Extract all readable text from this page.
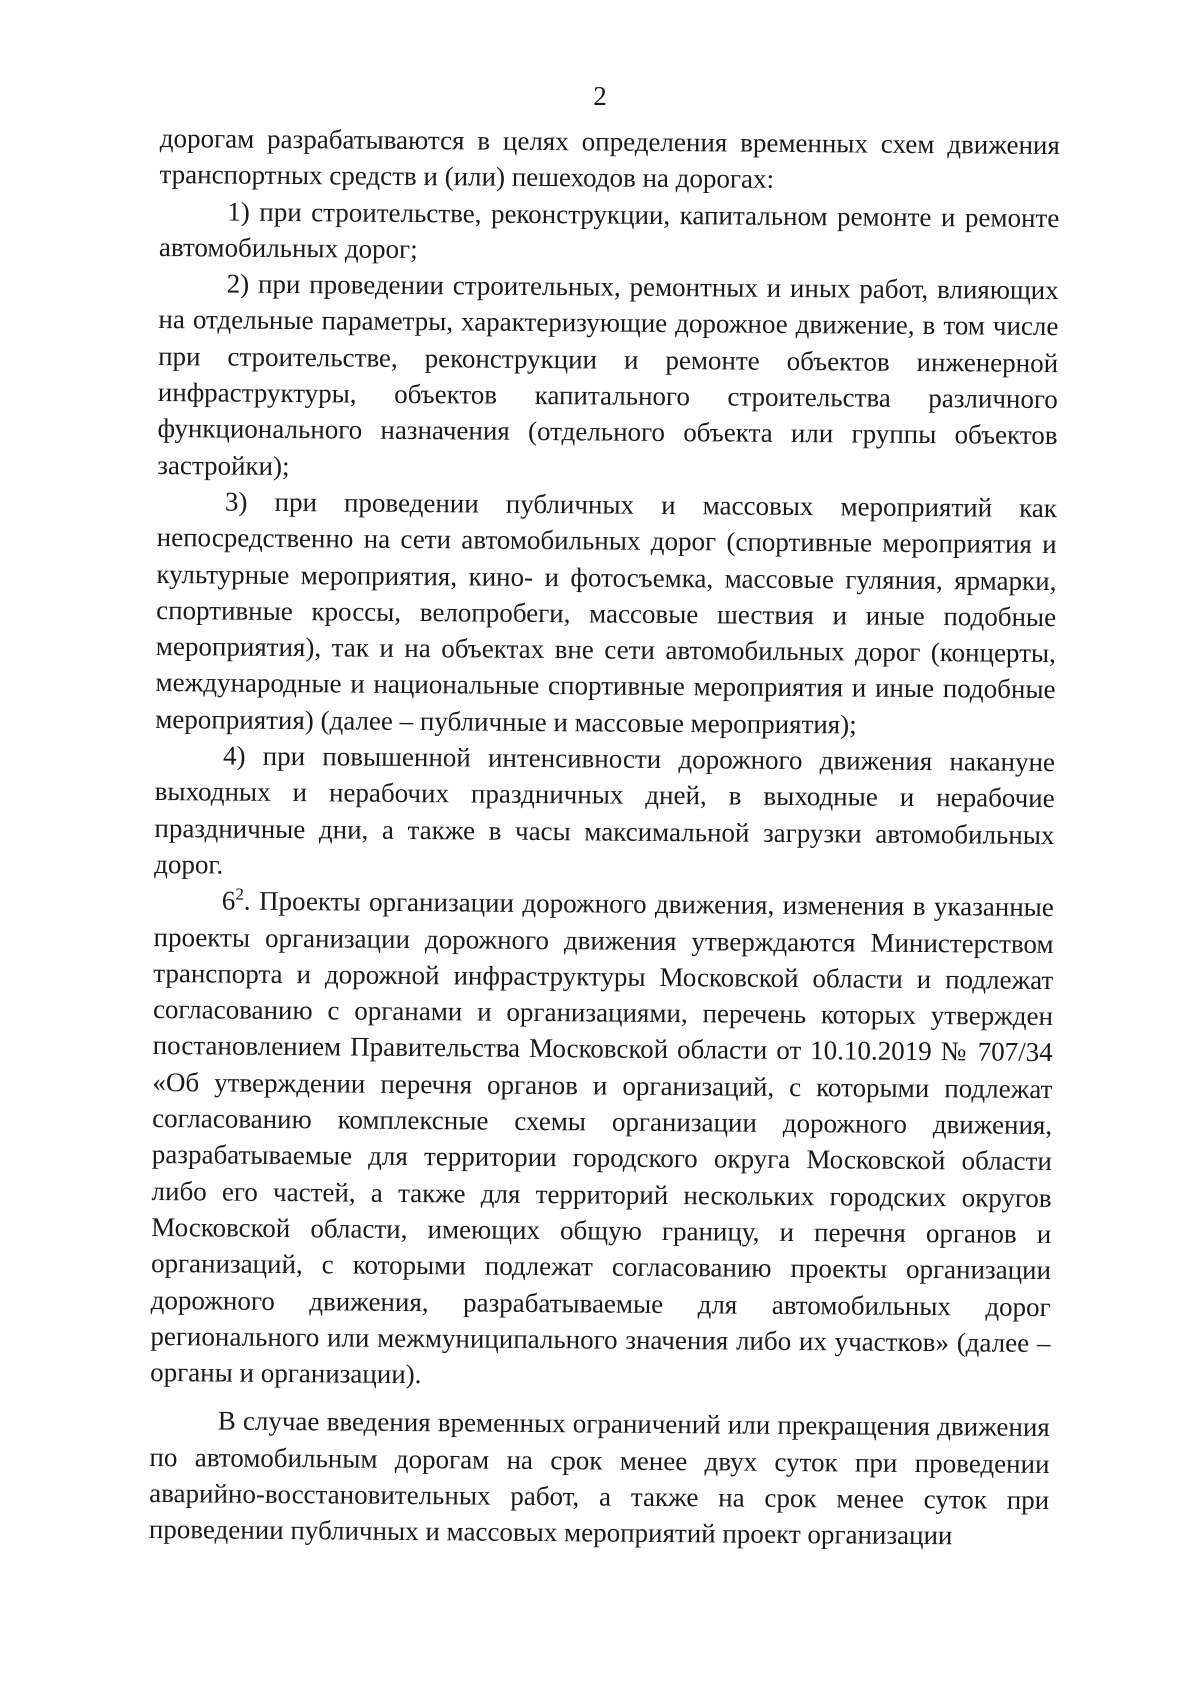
2

дорогам разрабатываются в целях определения временных схем движения транспортных средств и (или) пешеходов на дорогах:

1) при строительстве, реконструкции, капитальном ремонте и ремонте автомобильных дорог;

2) при проведении строительных, ремонтных и иных работ, влияющих на отдельные параметры, характеризующие дорожное движение, в том числе при строительстве, реконструкции и ремонте объектов инженерной инфраструктуры, объектов капитального строительства различного функционального назначения (отдельного объекта или группы объектов застройки);

3) при проведении публичных и массовых мероприятий как непосредственно на сети автомобильных дорог (спортивные мероприятия и культурные мероприятия, кино- и фотосъемка, массовые гуляния, ярмарки, спортивные кроссы, велопробеги, массовые шествия и иные подобные мероприятия), так и на объектах вне сети автомобильных дорог (концерты, международные и национальные спортивные мероприятия и иные подобные мероприятия) (далее – публичные и массовые мероприятия);

4) при повышенной интенсивности дорожного движения накануне выходных и нерабочих праздничных дней, в выходные и нерабочие праздничные дни, а также в часы максимальной загрузки автомобильных дорог.

$6^2$. Проекты организации дорожного движения, изменения в указанные проекты организации дорожного движения утверждаются Министерством транспорта и дорожной инфраструктуры Московской области и подлежат согласованию с органами и организациями, перечень которых утвержден постановлением Правительства Московской области от 10.10.2019 № 707/34 «Об утверждении перечня органов и организаций, с которыми подлежат согласованию комплексные схемы организации дорожного движения, разрабатываемые для территории городского округа Московской области либо его частей, а также для территорий нескольких городских округов Московской области, имеющих общую границу, и перечня органов и организаций, с которыми подлежат согласованию проекты организации дорожного движения, разрабатываемые для автомобильных дорог регионального или межмуниципального значения либо их участков» (далее – органы и организации).

В случае введения временных ограничений или прекращения движения по автомобильным дорогам на срок менее двух суток при проведении аварийно-восстановительных работ, а также на срок менее суток при проведении публичных и массовых мероприятий проект организации
